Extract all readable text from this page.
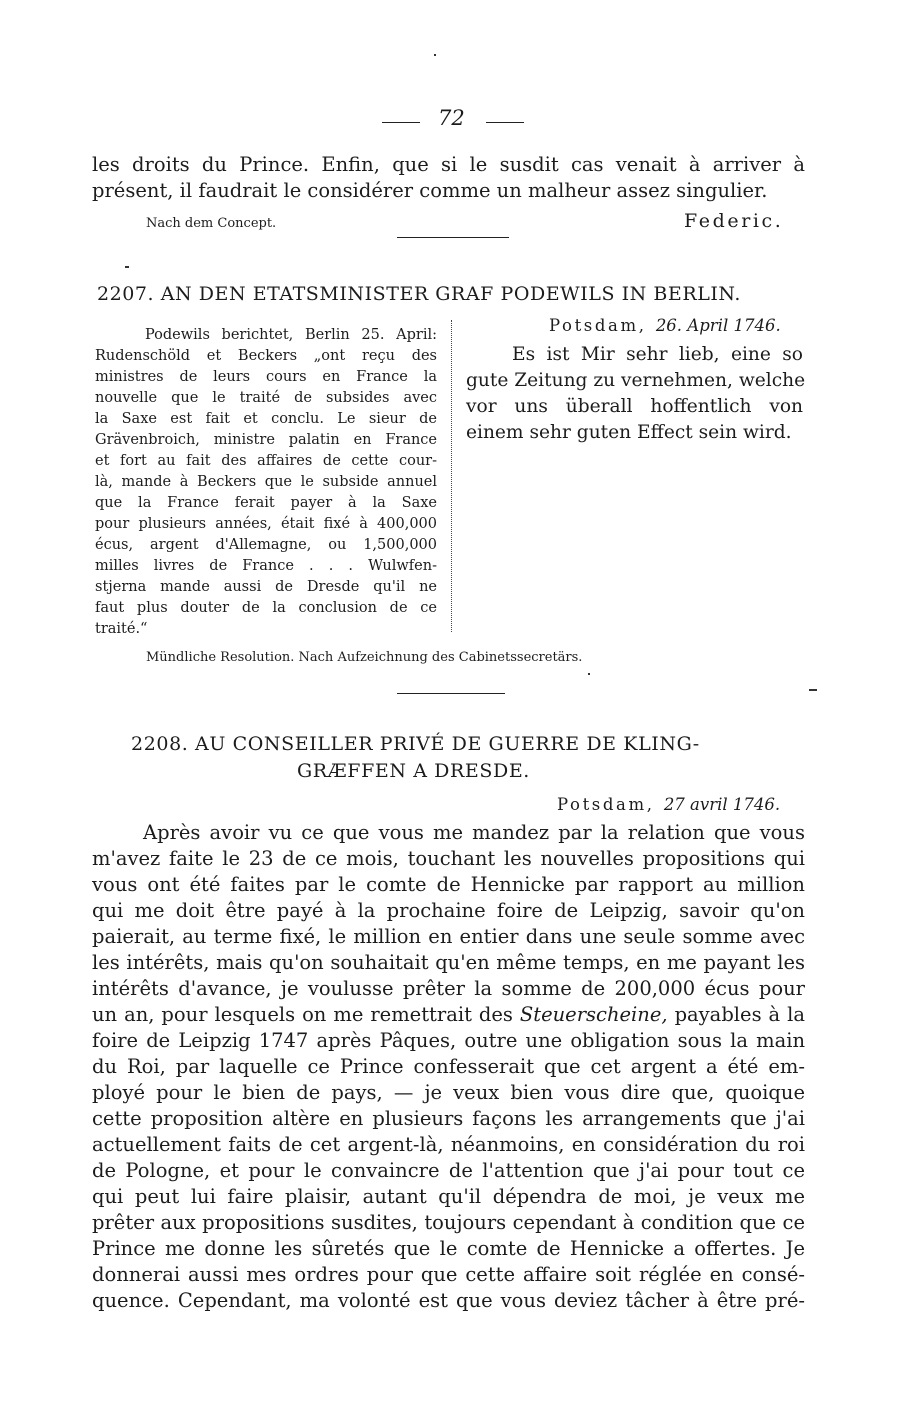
72
les droits du Prince. Enfin, que si le susdit cas venait à arriver à
présent, il faudrait le considérer comme un malheur assez singulier.
Nach dem Concept.	Federic.
2207. AN DEN ETATSMINISTER GRAF PODEWILS IN BERLIN.
Podewils berichtet, Berlin 25. April:
Rudenschöld et Beckers „ont reçu des
ministres de leurs cours en France la
nouvelle que le traité de subsides avec
la Saxe est fait et conclu. Le sieur de
Grävenbroich, ministre palatin en France
et fort au fait des affaires de cette cour-
là, mande à Beckers que le subside annuel
que la France ferait payer à la Saxe
pour plusieurs années, était fixé à 400,000
écus, argent d'Allemagne, ou 1,500,000
milles livres de France . . . Wulwfen-
stjerna mande aussi de Dresde qu'il ne
faut plus douter de la conclusion de ce
traité.“
Potsdam, 26. April 1746.
Es ist Mir sehr lieb, eine so
gute Zeitung zu vernehmen, welche
vor uns überall hoffentlich von
einem sehr guten Effect sein wird.
Mündliche Resolution. Nach Aufzeichnung des Cabinetssecretärs.
2208. AU CONSEILLER PRIVÉ DE GUERRE DE KLING-
GRÆFFEN A DRESDE.
Potsdam, 27 avril 1746.
Après avoir vu ce que vous me mandez par la relation que vous
m'avez faite le 23 de ce mois, touchant les nouvelles propositions qui
vous ont été faites par le comte de Hennicke par rapport au million
qui me doit être payé à la prochaine foire de Leipzig, savoir qu'on
paierait, au terme fixé, le million en entier dans une seule somme avec
les intérêts, mais qu'on souhaitait qu'en même temps, en me payant les
intérêts d'avance, je voulusse prêter la somme de 200,000 écus pour
un an, pour lesquels on me remettrait des Steuerscheine, payables à la
foire de Leipzig 1747 après Pâques, outre une obligation sous la main
du Roi, par laquelle ce Prince confesserait que cet argent a été em-
ployé pour le bien de pays, — je veux bien vous dire que, quoique
cette proposition altère en plusieurs façons les arrangements que j'ai
actuellement faits de cet argent-là, néanmoins, en considération du roi
de Pologne, et pour le convaincre de l'attention que j'ai pour tout ce
qui peut lui faire plaisir, autant qu'il dépendra de moi, je veux me
prêter aux propositions susdites, toujours cependant à condition que ce
Prince me donne les sûretés que le comte de Hennicke a offertes. Je
donnerai aussi mes ordres pour que cette affaire soit réglée en consé-
quence. Cependant, ma volonté est que vous deviez tâcher à être pré-
